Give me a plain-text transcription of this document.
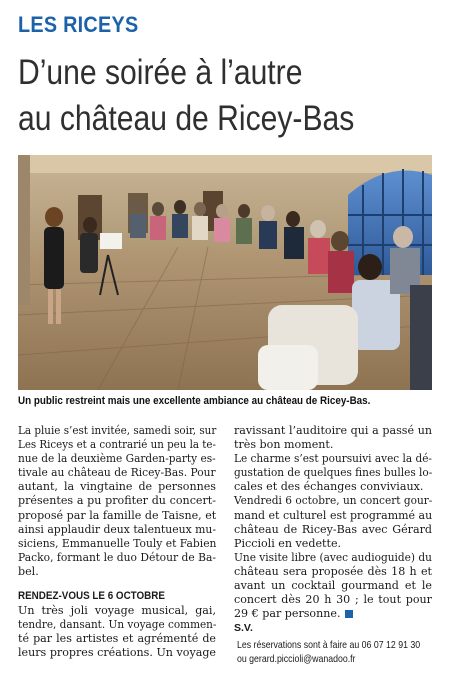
LES RICEYS
D’une soirée à l’autre
au château de Ricey-Bas
Un public restreint mais une excellente ambiance au château de Ricey-Bas.
La pluie s’est invitée, samedi soir, sur
Les Riceys et a contrarié un peu la te-
nue de la deuxième Garden-party es-
tivale au château de Ricey-Bas. Pour
autant, la vingtaine de personnes
présentes a pu profiter du concert-
proposé par la famille de Taisne, et
ainsi applaudir deux talentueux mu-
siciens, Emmanuelle Touly et Fabien
Packo, formant le duo Détour de Ba-
bel.
RENDEZ-VOUS LE 6 OCTOBRE
Un très joli voyage musical, gai,
tendre, dansant. Un voyage commen-
té par les artistes et agrémenté de
leurs propres créations. Un voyage
ravissant l’auditoire qui a passé un
très bon moment.
Le charme s’est poursuivi avec la dé-
gustation de quelques fines bulles lo-
cales et des échanges conviviaux.
Vendredi 6 octobre, un concert gour-
mand et culturel est programmé au
château de Ricey-Bas avec Gérard
Piccioli en vedette.
Une visite libre (avec audioguide) du
château sera proposée dès 18 h et
avant un cocktail gourmand et le
concert dès 20 h 30 ; le tout pour
29 € par personne.
S.V.
Les réservations sont à faire au 06 07 12 91 30
ou gerard.piccioli@wanadoo.fr
